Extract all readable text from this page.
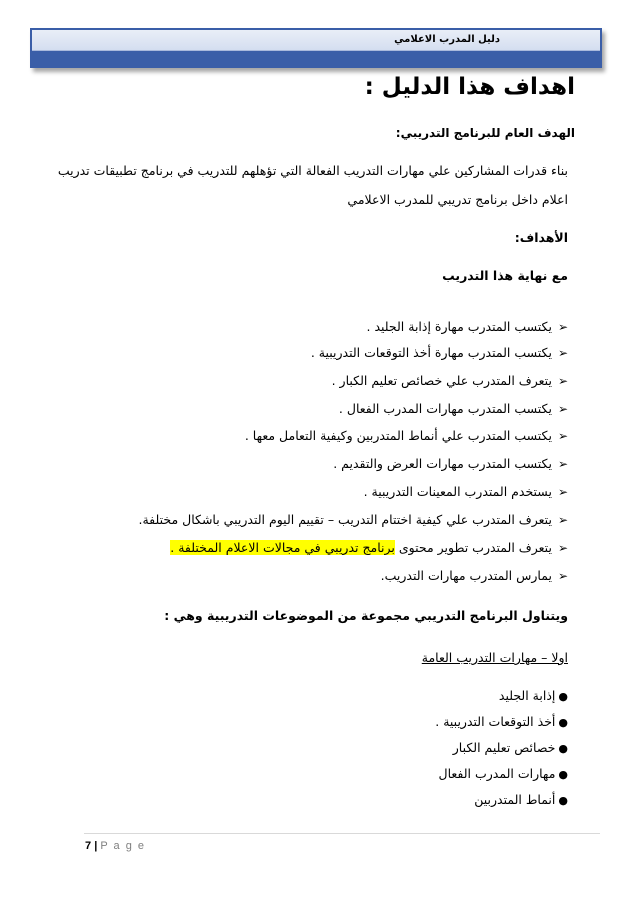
دليل المدرب الاعلامي
اهداف هذا الدليل :
الهدف العام للبرنامج التدريبي:
بناء قدرات المشاركين علي مهارات التدريب الفعالة التي تؤهلهم للتدريب في برنامج تطبيقات تدريب
اعلام داخل برنامج تدريبي للمدرب الاعلامي
الأهداف:
مع نهاية هذا التدريب
➢يكتسب المتدرب مهارة إذابة الجليد .
➢يكتسب المتدرب مهارة أخذ التوقعات التدريبية .
➢يتعرف المتدرب علي خصائص تعليم الكبار .
➢يكتسب المتدرب مهارات المدرب الفعال .
➢يكتسب المتدرب علي أنماط المتدربين وكيفية التعامل معها .
➢يكتسب المتدرب مهارات العرض والتقديم .
➢يستخدم المتدرب المعينات التدريبية .
➢يتعرف المتدرب علي كيفية اختتام التدريب – تقييم اليوم التدريبي باشكال مختلفة.
➢يتعرف المتدرب تطوير محتوى برنامج تدريبي في مجالات الاعلام المختلفة .
➢يمارس المتدرب مهارات التدريب.
ويتناول البرنامج التدريبي مجموعة من الموضوعات التدريبية وهي :
اولا – مهارات التدريب العامة
●إذابة الجليد
●أخذ التوقعات التدريبية .
●خصائص تعليم الكبار
●مهارات المدرب الفعال
●أنماط المتدربين
7 | P a g e
